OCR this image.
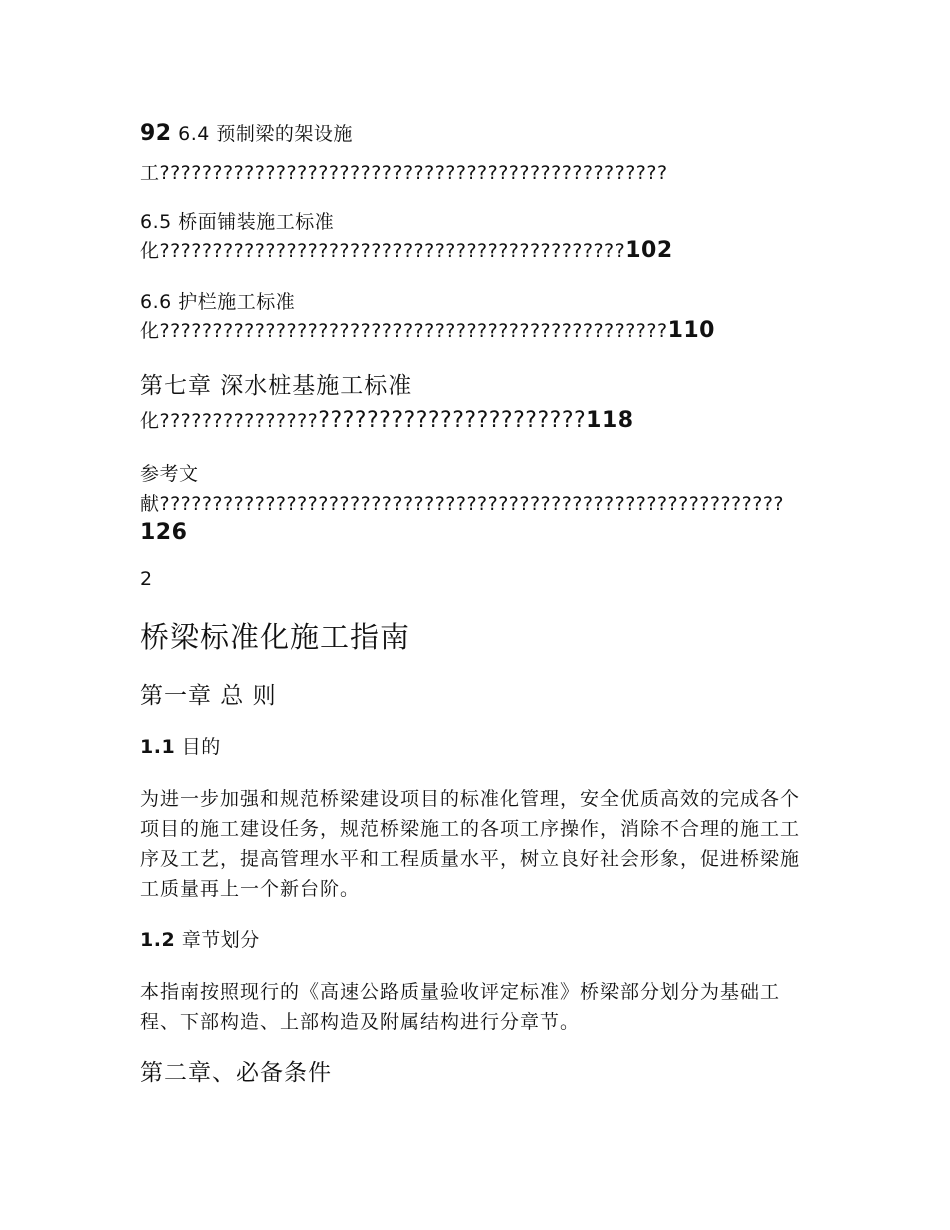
92 6.4 预制梁的架设施
工????????????????????????????????????????????????
6.5 桥面铺装施工标准
化????????????????????????????????????????????102
6.6 护栏施工标准
化????????????????????????????????????????????????110
第七章 深水桩基施工标准
化?????????????????????????????????????118
参考文
献???????????????????????????????????????????????????????????
126
2
桥梁标准化施工指南
第一章 总 则
1.1 目的
为进一步加强和规范桥梁建设项目的标准化管理，安全优质高效的完成各个项目的施工建设任务，规范桥梁施工的各项工序操作，消除不合理的施工工序及工艺，提高管理水平和工程质量水平，树立良好社会形象，促进桥梁施工质量再上一个新台阶。
1.2 章节划分
本指南按照现行的《高速公路质量验收评定标准》桥梁部分划分为基础工程、下部构造、上部构造及附属结构进行分章节。
第二章、必备条件
